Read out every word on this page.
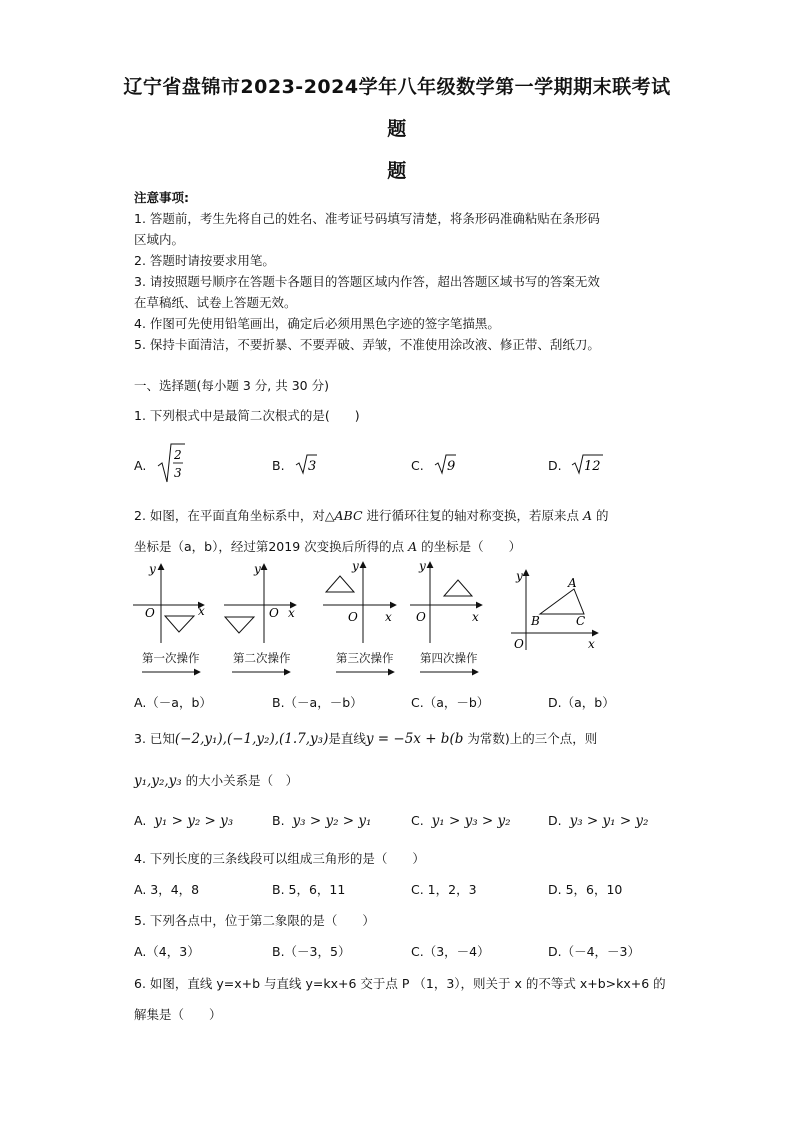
辽宁省盘锦市2023-2024学年八年级数学第一学期期末联考试
题
题
注意事项:
1. 答题前，考生先将自己的姓名、准考证号码填写清楚，将条形码准确粘贴在条形码
区域内。
2. 答题时请按要求用笔。
3. 请按照题号顺序在答题卡各题目的答题区域内作答，超出答题区域书写的答案无效
在草稿纸、试卷上答题无效。
4. 作图可先使用铅笔画出，确定后必须用黑色字迹的签字笔描黑。
5. 保持卡面清洁，不要折暴、不要弄破、弄皱，不准使用涂改液、修正带、刮纸刀。
一、选择题(每小题 3 分, 共 30 分)
1. 下列根式中是最简二次根式的是(　　)
A.
2
3	B. 3	C. 9	D. 12
2. 如图，在平面直角坐标系中，对△ABC 进行循环往复的轴对称变换，若原来点 A 的
坐标是（a，b），经过第2019 次变换后所得的点 A 的坐标是（　　）
y
O	x
y
O x
y
O x
y
O	x
y
O	x
A
B	C
第一次操作	第二次操作	第三次操作 第四次操作
A.（－a，b）	B.（－a，－b）	C.（a，－b）	D.（a，b）
3. 已知(−2,y₁),(−1,y₂),(1.7,y₃)是直线y = −5x + b(b 为常数)上的三个点，则
y₁,y₂,y₃ 的大小关系是（　）
A. y₁ > y₂ > y₃	B. y₃ > y₂ > y₁	C. y₁ > y₃ > y₂	D. y₃ > y₁ > y₂
4. 下列长度的三条线段可以组成三角形的是（　　）
A. 3，4，8	B. 5，6，11	C. 1，2，3	D. 5，6，10
5. 下列各点中，位于第二象限的是（　　）
A.（4，3）	B.（－3，5）	C.（3，－4）	D.（－4，－3）
6. 如图，直线 y=x+b 与直线 y=kx+6 交于点 P （1，3），则关于 x 的不等式 x+b>kx+6 的
解集是（　　）
